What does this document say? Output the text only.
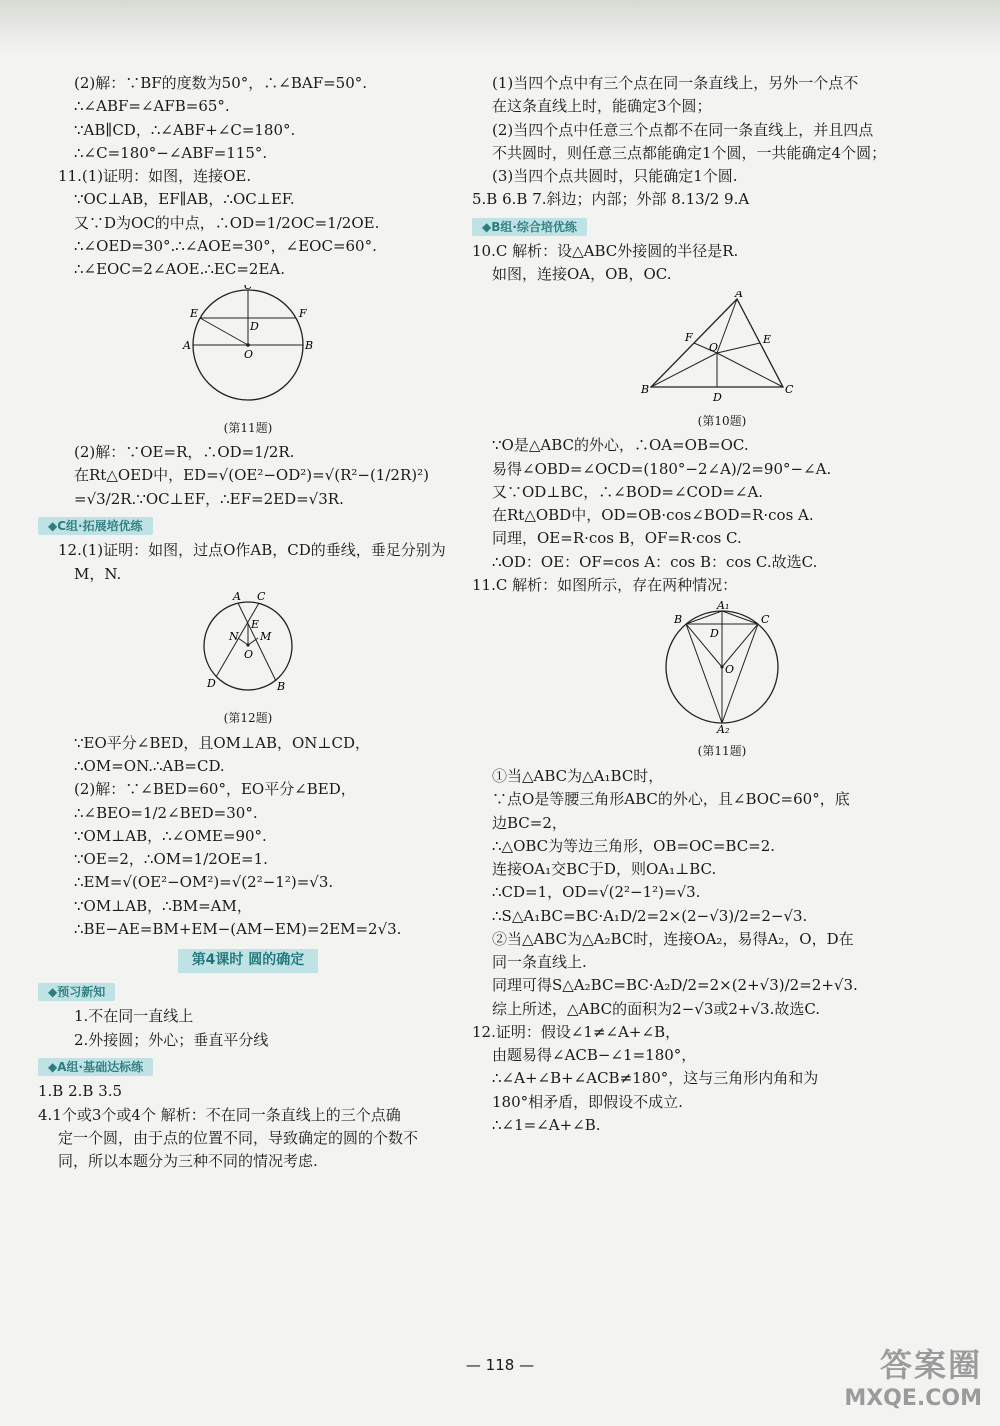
(2)解：∵BF的度数为50°，∴∠BAF=50°.

∴∠ABF=∠AFB=65°.

∵AB∥CD，∴∠ABF+∠C=180°.

∴∠C=180°−∠ABF=115°.

11.(1)证明：如图，连接OE.

∵OC⊥AB，EF∥AB，∴OC⊥EF.

又∵D为OC的中点，∴OD=1/2OC=1/2OE.

∴∠OED=30°.∴∠AOE=30°，∠EOC=60°.

∴∠EOC=2∠AOE.∴EC=2EA.

C
E	F
D
A	B
O
(第11题)

(2)解：∵OE=R，∴OD=1/2R.

在Rt△OED中，ED=√(OE²−OD²)=√(R²−(1/2R)²)

=√3/2R.∵OC⊥EF，∴EF=2ED=√3R.

◆C组·拓展培优练

12.(1)证明：如图，过点O作AB，CD的垂线，垂足分别为

M，N.

A C
E
N M
O
D	B
(第12题)

∵EO平分∠BED，且OM⊥AB，ON⊥CD，

∴OM=ON.∴AB=CD.

(2)解：∵∠BED=60°，EO平分∠BED，

∴∠BEO=1/2∠BED=30°.

∵OM⊥AB，∴∠OME=90°.

∵OE=2，∴OM=1/2OE=1.

∴EM=√(OE²−OM²)=√(2²−1²)=√3.

∵OM⊥AB，∴BM=AM，

∴BE−AE=BM+EM−(AM−EM)=2EM=2√3.

第4课时 圆的确定
◆预习新知

1.不在同一直线上

2.外接圆；外心；垂直平分线

◆A组·基础达标练

1.B 2.B 3.5

4.1个或3个或4个 解析：不在同一条直线上的三个点确

定一个圆，由于点的位置不同，导致确定的圆的个数不

同，所以本题分为三种不同的情况考虑.

(1)当四个点中有三个点在同一条直线上，另外一个点不

在这条直线上时，能确定3个圆；

(2)当四个点中任意三个点都不在同一条直线上，并且四点

不共圆时，则任意三点都能确定1个圆，一共能确定4个圆；

(3)当四个点共圆时，只能确定1个圆.

5.B 6.B 7.斜边；内部；外部 8.13/2 9.A

◆B组·综合培优练

10.C 解析：设△ABC外接圆的半径是R.

如图，连接OA，OB，OC.

A
F	E
O
B	C
D
(第10题)

∵O是△ABC的外心，∴OA=OB=OC.

易得∠OBD=∠OCD=(180°−2∠A)/2=90°−∠A.

又∵OD⊥BC，∴∠BOD=∠COD=∠A.

在Rt△OBD中，OD=OB·cos∠BOD=R·cos A.

同理，OE=R·cos B，OF=R·cos C.

∴OD：OE：OF=cos A：cos B：cos C.故选C.

11.C 解析：如图所示，存在两种情况：

A₁
B	C
D
O
A₂
(第11题)

①当△ABC为△A₁BC时，

∵点O是等腰三角形ABC的外心，且∠BOC=60°，底

边BC=2，

∴△OBC为等边三角形，OB=OC=BC=2.

连接OA₁交BC于D，则OA₁⊥BC.

∴CD=1，OD=√(2²−1²)=√3.

∴S△A₁BC=BC·A₁D/2=2×(2−√3)/2=2−√3.

②当△ABC为△A₂BC时，连接OA₂，易得A₂，O，D在

同一条直线上.

同理可得S△A₂BC=BC·A₂D/2=2×(2+√3)/2=2+√3.

综上所述，△ABC的面积为2−√3或2+√3.故选C.

12.证明：假设∠1≠∠A+∠B，

由题易得∠ACB−∠1=180°，

∴∠A+∠B+∠ACB≠180°，这与三角形内角和为

180°相矛盾，即假设不成立.

∴∠1=∠A+∠B.

— 118 —	答案圈
MXQE.COM
